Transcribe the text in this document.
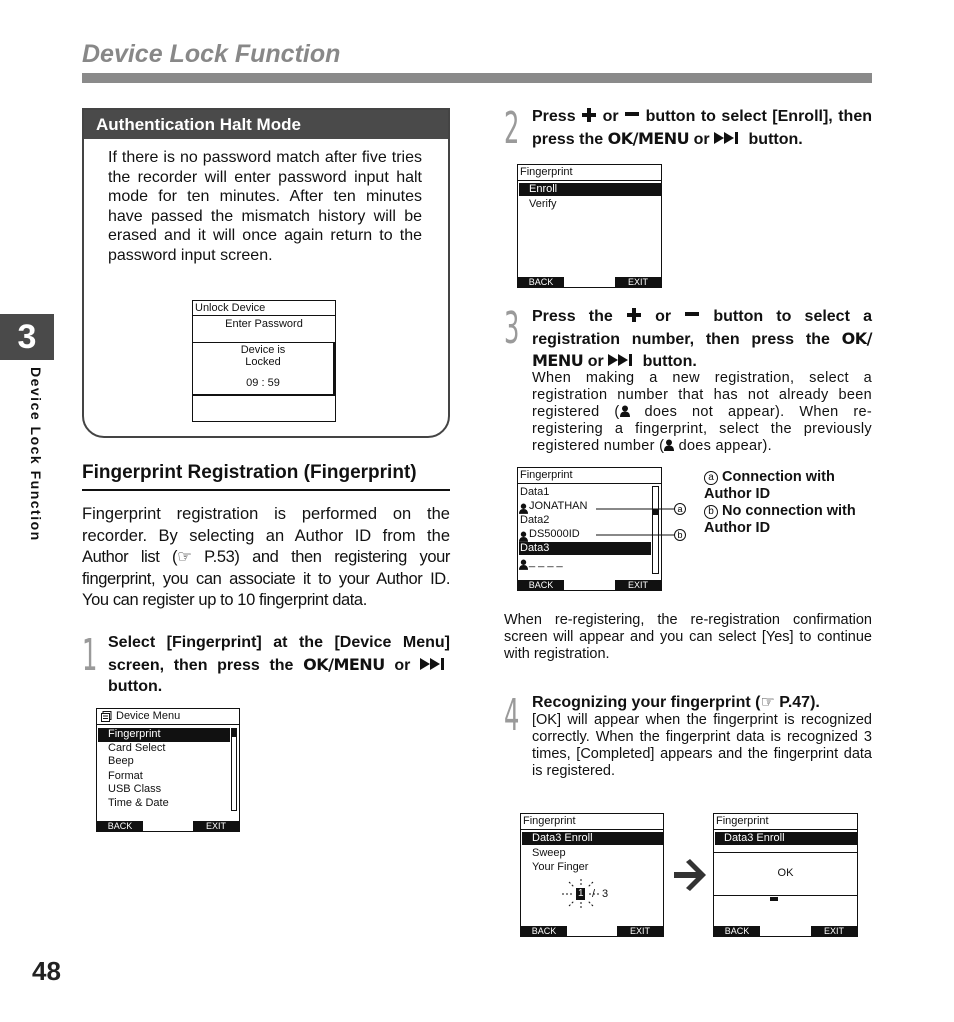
Device Lock Function
3
Device Lock Function
48
Authentication Halt Mode
If there is no password match after five tries the recorder will enter password input halt mode for ten minutes. After ten minutes have passed the mismatch history will be erased and it will once again return to the password input screen.
Unlock Device
Enter Password
Device is
Locked
09 : 59
Fingerprint Registration (Fingerprint)
Fingerprint registration is performed on the recorder. By selecting an Author ID from the Author list (☞ P.53) and then registering your fingerprint, you can associate it to your Author ID. You can register up to 10 fingerprint data.
1 Select [Fingerprint] at the [Device Menu] screen, then press the OK/MENU or  button.
Device Menu
Fingerprint
Card Select
Beep
Format
USB Class
Time & Date
BACK	EXIT
2 Press or button to select [Enroll], then press the OK/MENU or button.
Fingerprint
Enroll
Verify
BACK	EXIT
3 Press the	or	button to select a registration number, then press the OK/ MENU or button.
When making a new registration, select a registration number that has not already been registered ( does not appear). When re-registering a fingerprint, select the previously registered number ( does appear).
Fingerprint
Data1
JONATHAN
Data2
DS5000ID
Data3
_ _ _ _
BACK	EXIT
a
b
a Connection with Author ID
b No connection with Author ID
When re-registering, the re-registration confirmation screen will appear and you can select [Yes] to continue with registration.
4 Recognizing your fingerprint (☞ P.47).
[OK] will appear when the fingerprint is recognized correctly. When the fingerprint data is recognized 3 times, [Completed] appears and the fingerprint data is registered.
Fingerprint
Data3 Enroll
Sweep
Your Finger
1 / 3
BACK	EXIT
Fingerprint
Data3 Enroll
OK
BACK	EXIT
